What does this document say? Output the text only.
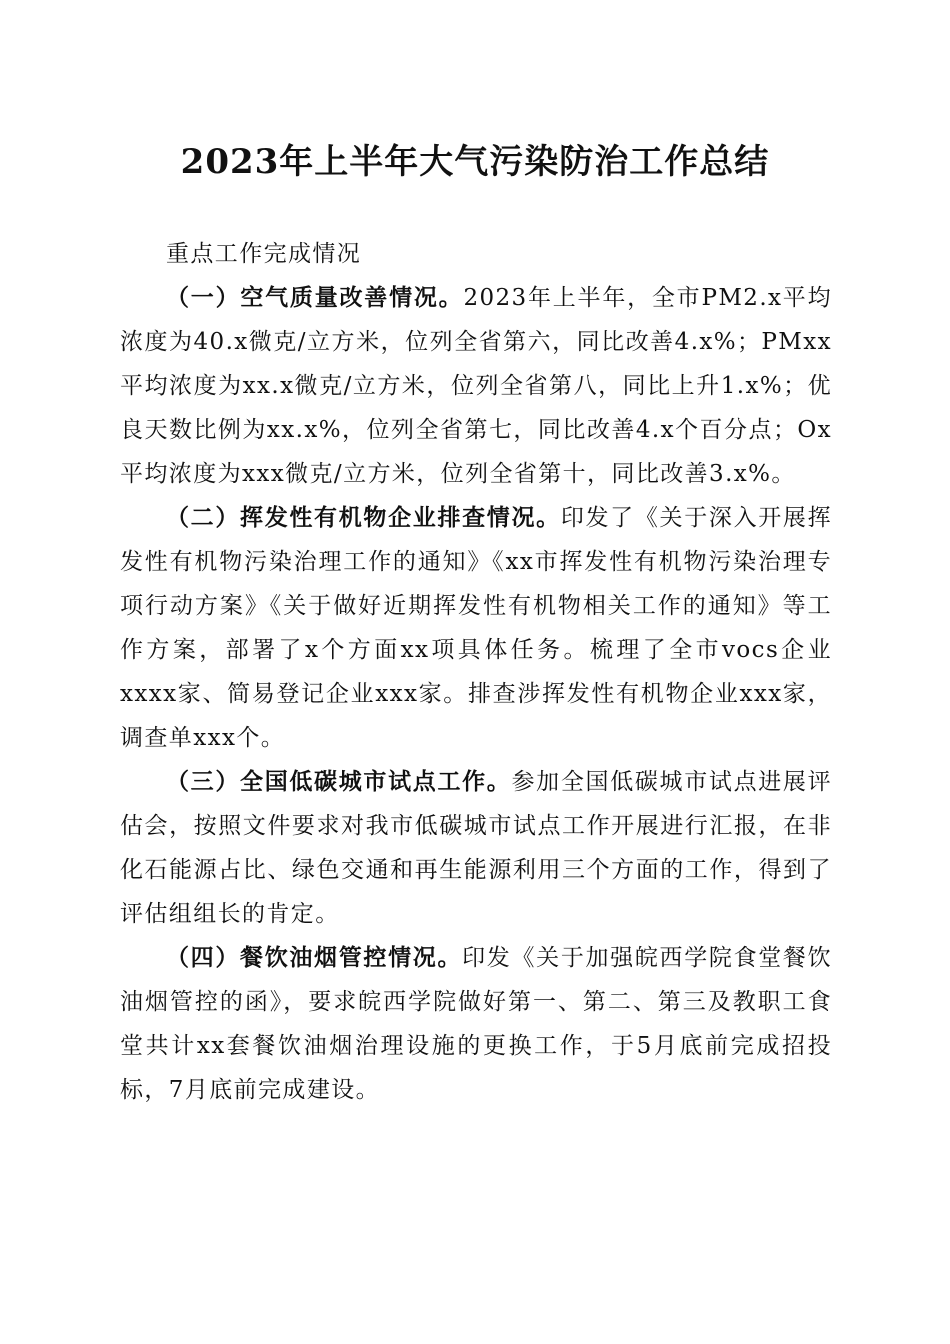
2023年上半年大气污染防治工作总结

重点工作完成情况

（一）空气质量改善情况。2023年上半年，全市PM2.x平均浓度为40.x微克/立方米，位列全省第六，同比改善4.x%；PMxx平均浓度为xx.x微克/立方米，位列全省第八，同比上升1.x%；优良天数比例为xx.x%，位列全省第七，同比改善4.x个百分点；Ox平均浓度为xxx微克/立方米，位列全省第十，同比改善3.x%。

（二）挥发性有机物企业排查情况。印发了《关于深入开展挥发性有机物污染治理工作的通知》《xx市挥发性有机物污染治理专项行动方案》《关于做好近期挥发性有机物相关工作的通知》等工作方案，部署了x个方面xx项具体任务。梳理了全市vocs企业xxxx家、简易登记企业xxx家。排查涉挥发性有机物企业xxx家，调查单xxx个。

（三）全国低碳城市试点工作。参加全国低碳城市试点进展评估会，按照文件要求对我市低碳城市试点工作开展进行汇报，在非化石能源占比、绿色交通和再生能源利用三个方面的工作，得到了评估组组长的肯定。

（四）餐饮油烟管控情况。印发《关于加强皖西学院食堂餐饮油烟管控的函》，要求皖西学院做好第一、第二、第三及教职工食堂共计xx套餐饮油烟治理设施的更换工作，于5月底前完成招投标，7月底前完成建设。
